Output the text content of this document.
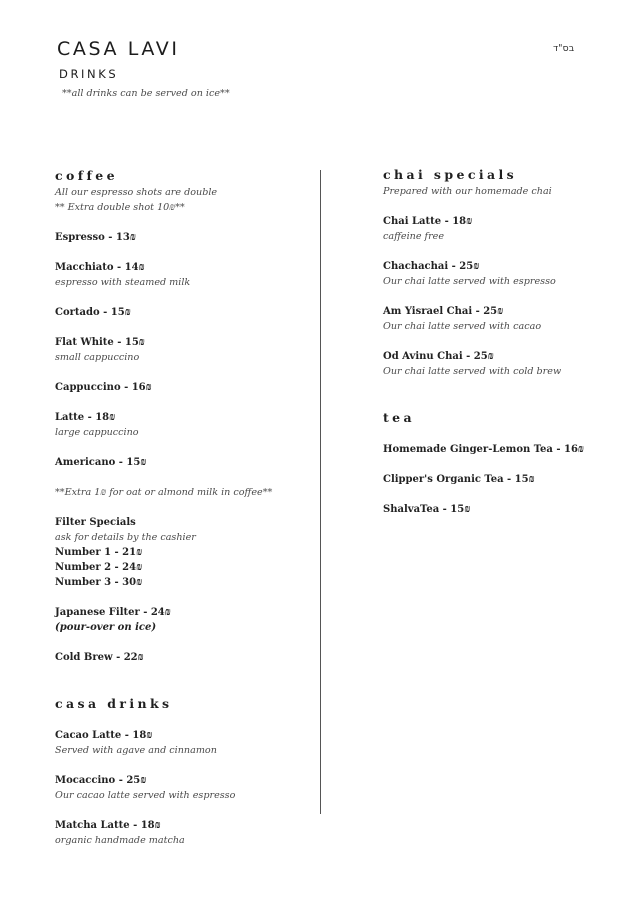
CASA LAVI
DRINKS
**all drinks can be served on ice**
בס"ד
coffee
All our espresso shots are double
** Extra double shot 10₪**
Espresso - 13₪
Macchiato - 14₪
espresso with steamed milk
Cortado - 15₪
Flat White - 15₪
small cappuccino
Cappuccino - 16₪
Latte - 18₪
large cappuccino
Americano - 15₪
**Extra 1₪ for oat or almond milk in coffee**
Filter Specials
ask for details by the cashier
Number 1 - 21₪
Number 2 - 24₪
Number 3 - 30₪
Japanese Filter - 24₪
(pour-over on ice)
Cold Brew - 22₪
casa drinks
Cacao Latte - 18₪
Served with agave and cinnamon
Mocaccino - 25₪
Our cacao latte served with espresso
Matcha Latte - 18₪
organic handmade matcha
chai specials
Prepared with our homemade chai
Chai Latte - 18₪
caffeine free
Chachachai - 25₪
Our chai latte served with espresso
Am Yisrael Chai - 25₪
Our chai latte served with cacao
Od Avinu Chai - 25₪
Our chai latte served with cold brew
tea
Homemade Ginger-Lemon Tea - 16₪
Clipper's Organic Tea - 15₪
ShalvaTea - 15₪
